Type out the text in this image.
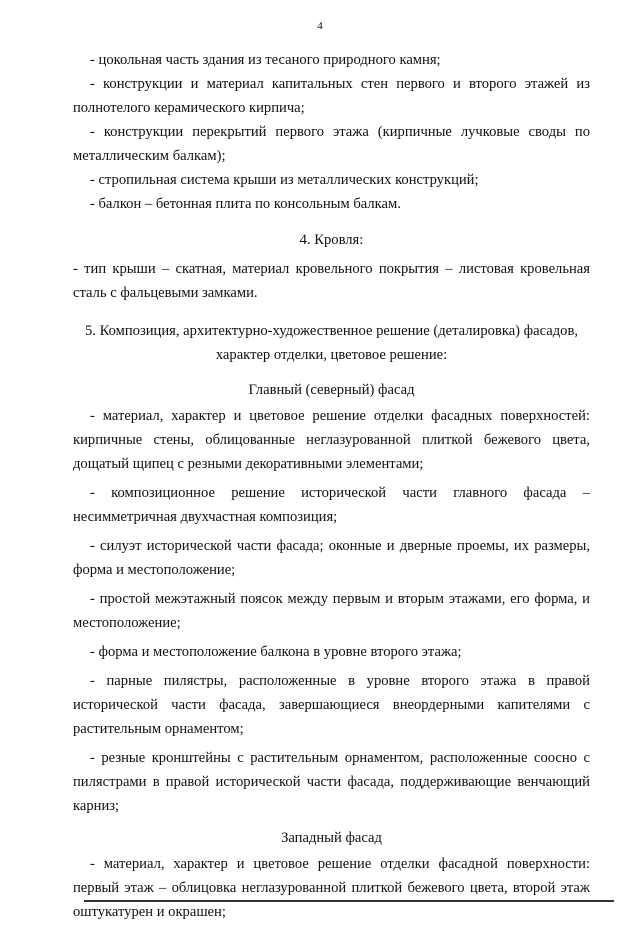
4

- цокольная часть здания из тесаного природного камня;

- конструкции и материал капитальных стен первого и второго этажей из полнотелого керамического кирпича;

- конструкции перекрытий первого этажа (кирпичные лучковые своды по металлическим балкам);

- стропильная система крыши из металлических конструкций;

- балкон – бетонная плита по консольным балкам.

4. Кровля:

- тип крыши – скатная, материал кровельного покрытия – листовая кровельная сталь с фальцевыми замками.

5. Композиция, архитектурно-художественное решение (деталировка) фасадов, характер отделки, цветовое решение:

Главный (северный) фасад

- материал, характер и цветовое решение отделки фасадных поверхностей: кирпичные стены, облицованные неглазурованной плиткой бежевого цвета, дощатый щипец с резными декоративными элементами;

- композиционное решение исторической части главного фасада – несимметричная двухчастная композиция;

- силуэт исторической части фасада; оконные и дверные проемы, их размеры, форма и местоположение;

- простой межэтажный поясок между первым и вторым этажами, его форма, и местоположение;

- форма и местоположение балкона в уровне второго этажа;

- парные пилястры, расположенные в уровне второго этажа в правой исторической части фасада, завершающиеся внеордерными капителями с растительным орнаментом;

- резные кронштейны с растительным орнаментом, расположенные соосно с пилястрами в правой исторической части фасада, поддерживающие венчающий карниз;

Западный фасад

- материал, характер и цветовое решение отделки фасадной поверхности: первый этаж – облицовка неглазурованной плиткой бежевого цвета, второй этаж оштукатурен и окрашен;
